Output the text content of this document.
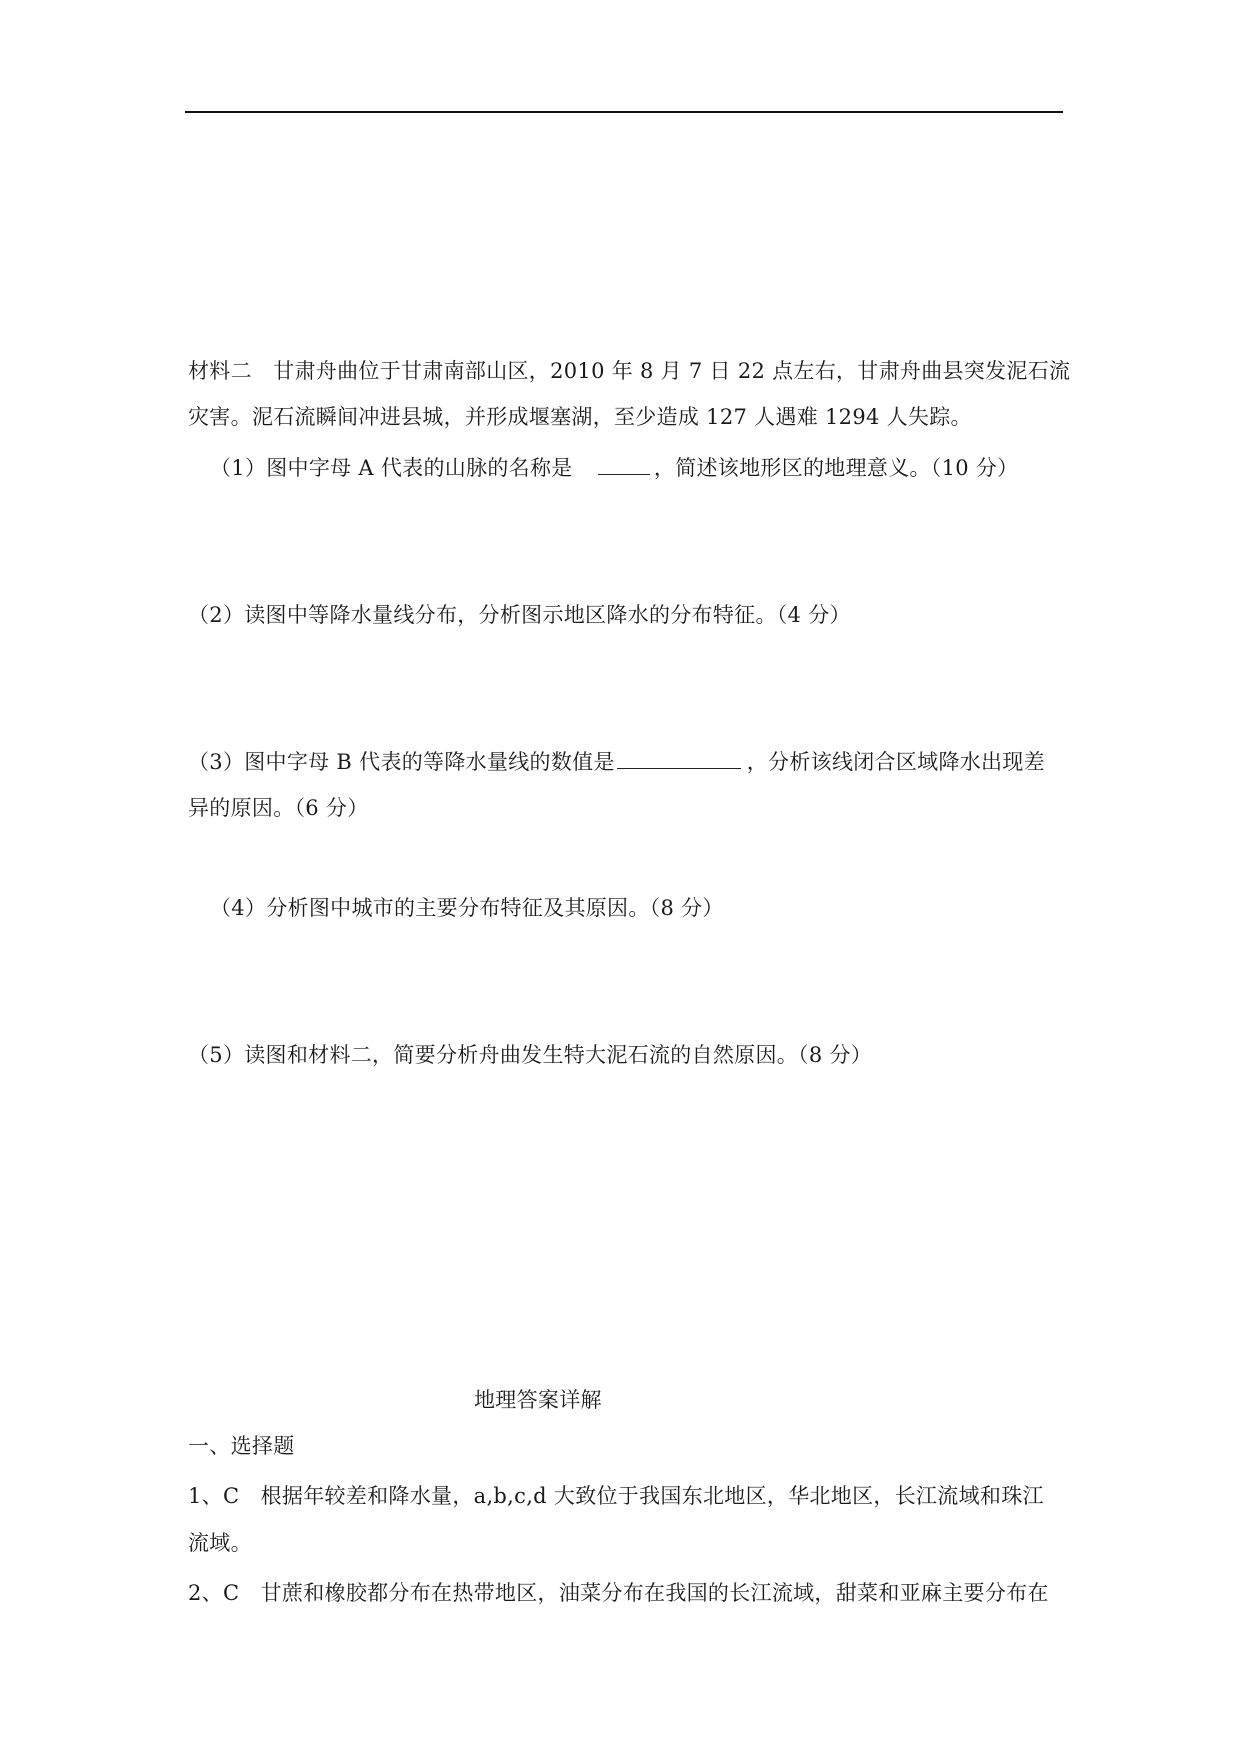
材料二　甘肃舟曲位于甘肃南部山区，2010 年 8 月 7 日 22 点左右，甘肃舟曲县突发泥石流
灾害。泥石流瞬间冲进县城，并形成堰塞湖，至少造成 127 人遇难 1294 人失踪。
（1）图中字母 A 代表的山脉的名称是　	，简述该地形区的地理意义。（10 分）
（2）读图中等降水量线分布，分析图示地区降水的分布特征。（4 分）
（3）图中字母 B 代表的等降水量线的数值是	，分析该线闭合区域降水出现差
异的原因。（6 分）
（4）分析图中城市的主要分布特征及其原因。（8 分）
（5）读图和材料二，简要分析舟曲发生特大泥石流的自然原因。（8 分）
地理答案详解
一、选择题
1、C　根据年较差和降水量，a,b,c,d 大致位于我国东北地区，华北地区，长江流域和珠江
流域。
2、C　甘蔗和橡胶都分布在热带地区，油菜分布在我国的长江流域，甜菜和亚麻主要分布在
